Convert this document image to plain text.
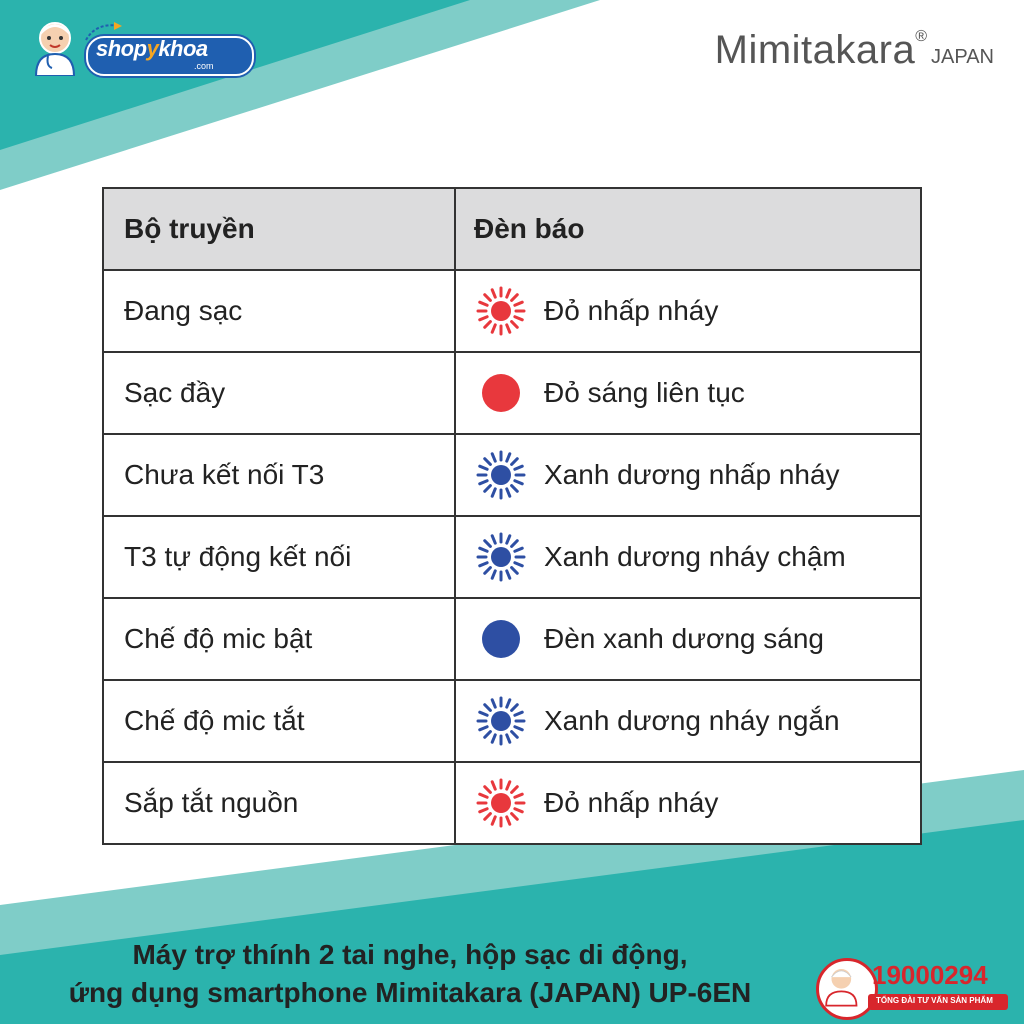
shopykhoa
.com	Mimitakara®JAPAN
Bộ truyền	Đèn báo
Đang sạc	Đỏ nhấp nháy

Sạc đầy	Đỏ sáng liên tục

Chưa kết nối T3	Xanh dương nhấp nháy

T3 tự động kết nối	Xanh dương nháy chậm

Chế độ mic bật	Đèn xanh dương sáng

Chế độ mic tắt	Xanh dương nháy ngắn

Sắp tắt nguồn	Đỏ nhấp nháy
Máy trợ thính 2 tai nghe, hộp sạc di động,
ứng dụng smartphone Mimitakara (JAPAN) UP-6EN
19000294
TỔNG ĐÀI TƯ VẤN SẢN PHẨM
